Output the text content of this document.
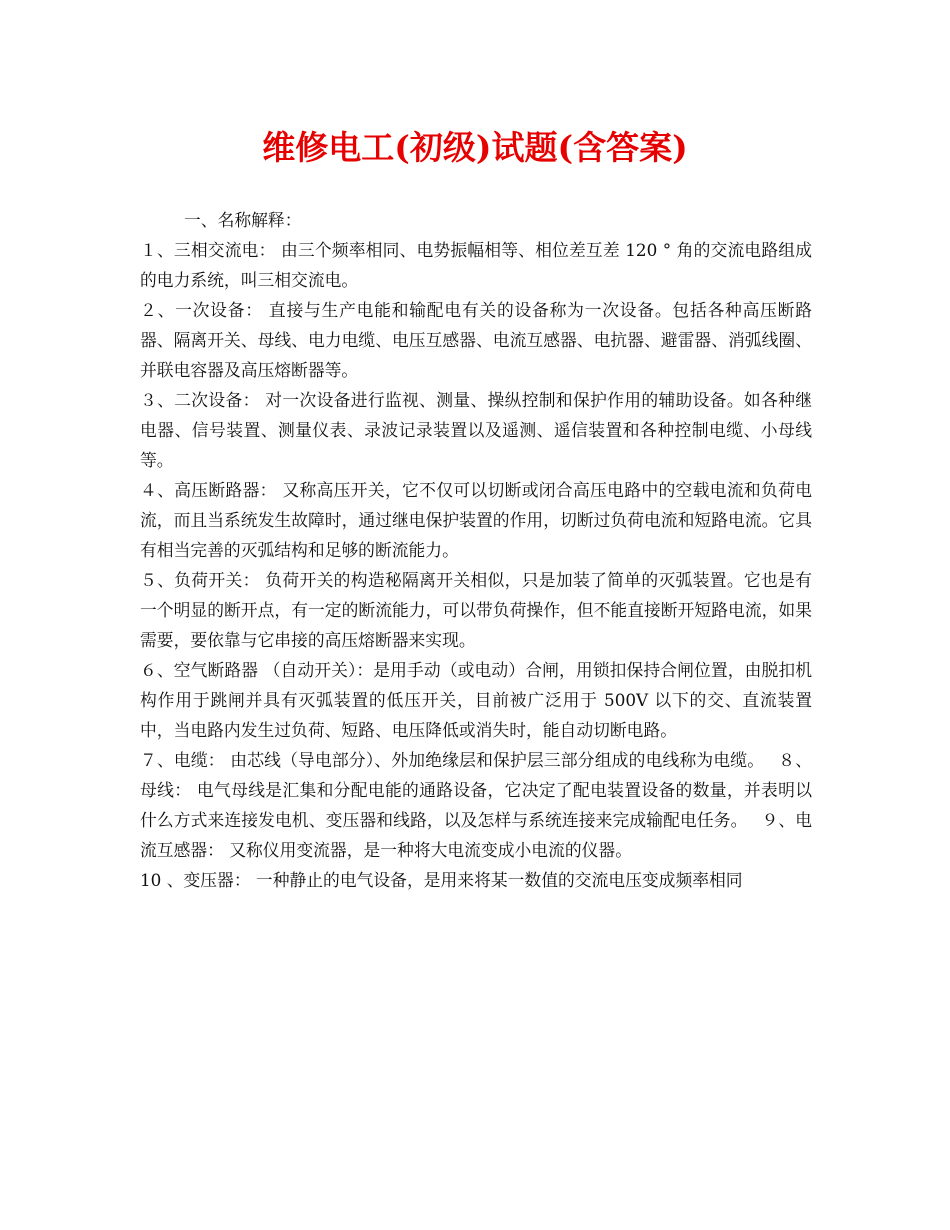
维修电工(初级)试题(含答案)

一、名称解释：

１、三相交流电： 由三个频率相同、电势振幅相等、相位差互差 120 ° 角的交流电路组成的电力系统，叫三相交流电。

２、一次设备： 直接与生产电能和输配电有关的设备称为一次设备。包括各种高压断路器、隔离开关、母线、电力电缆、电压互感器、电流互感器、电抗器、避雷器、消弧线圈、并联电容器及高压熔断器等。

３、二次设备： 对一次设备进行监视、测量、操纵控制和保护作用的辅助设备。如各种继电器、信号装置、测量仪表、录波记录装置以及遥测、遥信装置和各种控制电缆、小母线等。

４、高压断路器： 又称高压开关，它不仅可以切断或闭合高压电路中的空载电流和负荷电流，而且当系统发生故障时，通过继电保护装置的作用，切断过负荷电流和短路电流。它具有相当完善的灭弧结构和足够的断流能力。

５、负荷开关： 负荷开关的构造秘隔离开关相似，只是加装了简单的灭弧装置。它也是有一个明显的断开点，有一定的断流能力，可以带负荷操作，但不能直接断开短路电流，如果需要，要依靠与它串接的高压熔断器来实现。

６、空气断路器 （自动开关）：是用手动（或电动）合闸，用锁扣保持合闸位置，由脱扣机构作用于跳闸并具有灭弧装置的低压开关，目前被广泛用于 500V 以下的交、直流装置中，当电路内发生过负荷、短路、电压降低或消失时，能自动切断电路。

７、电缆： 由芯线（导电部分）、外加绝缘层和保护层三部分组成的电线称为电缆。　 ８、母线： 电气母线是汇集和分配电能的通路设备，它决定了配电装置设备的数量，并表明以什么方式来连接发电机、变压器和线路，以及怎样与系统连接来完成输配电任务。　 ９、电流互感器： 又称仪用变流器，是一种将大电流变成小电流的仪器。

10 、变压器： 一种静止的电气设备，是用来将某一数值的交流电压变成频率相同
